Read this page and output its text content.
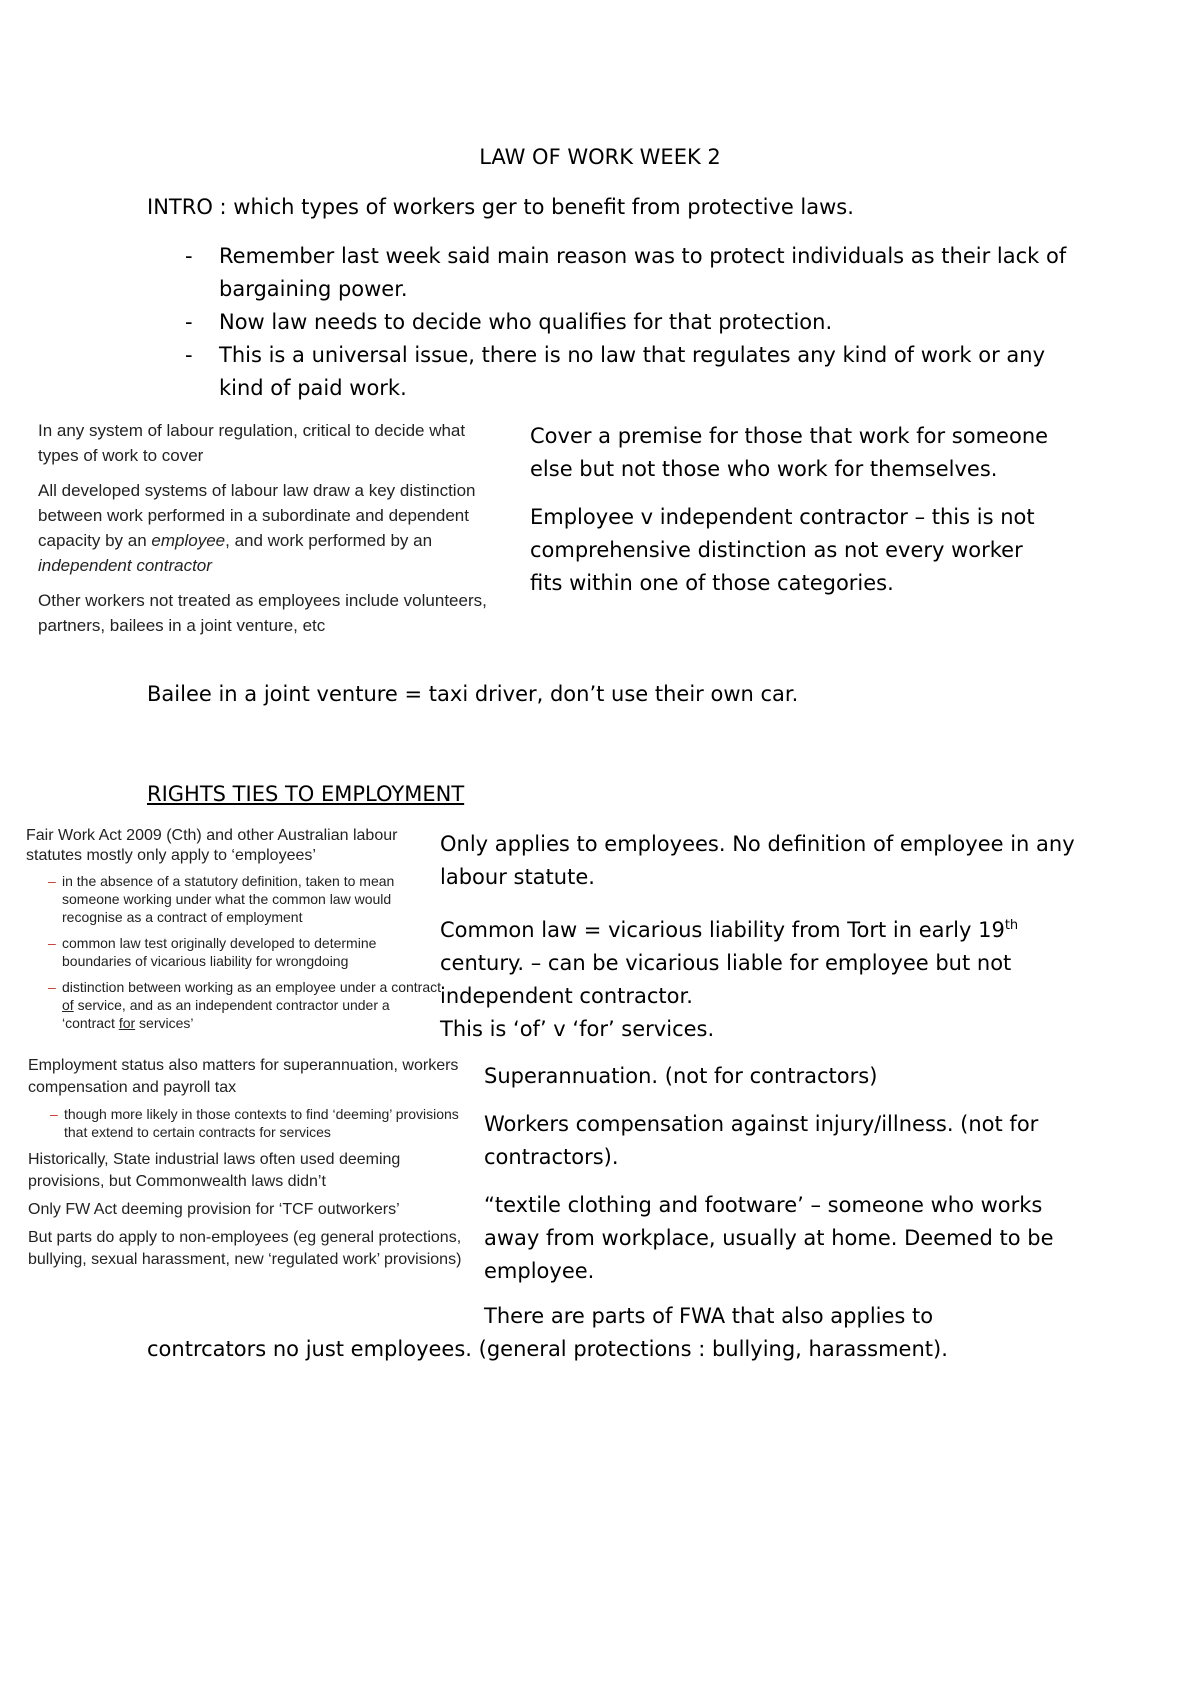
LAW OF WORK WEEK 2
INTRO : which types of workers ger to benefit from protective laws.
- Remember last week said main reason was to protect individuals as their lack of bargaining power.
- Now law needs to decide who qualifies for that protection.
- This is a universal issue, there is no law that regulates any kind of work or any kind of paid work.

In any system of labour regulation, critical to decide what types of work to cover

All developed systems of labour law draw a key distinction between work performed in a subordinate and dependent capacity by an employee, and work performed by an independent contractor

Other workers not treated as employees include volunteers, partners, bailees in a joint venture, etc

Cover a premise for those that work for someone else but not those who work for themselves.

Employee v independent contractor – this is not comprehensive distinction as not every worker fits within one of those categories.

Bailee in a joint venture = taxi driver, don’t use their own car.
RIGHTS TIES TO EMPLOYMENT

Fair Work Act 2009 (Cth) and other Australian labour statutes mostly only apply to ‘employees’

– in the absence of a statutory definition, taken to mean someone working under what the common law would recognise as a contract of employment

– common law test originally developed to determine boundaries of vicarious liability for wrongdoing

– distinction between working as an employee under a contract of service, and as an independent contractor under a ‘contract for services’

Only applies to employees. No definition of employee in any labour statute.

Common law = vicarious liability from Tort in early 19th century. – can be vicarious liable for employee but not independent contractor.

This is ‘of’ v ‘for’ services.

Employment status also matters for superannuation, workers compensation and payroll tax

– though more likely in those contexts to find ‘deeming’ provisions that extend to certain contracts for services

Historically, State industrial laws often used deeming provisions, but Commonwealth laws didn’t

Only FW Act deeming provision for ‘TCF outworkers’

But parts do apply to non-employees (eg general protections, bullying, sexual harassment, new ‘regulated work’ provisions)

Superannuation. (not for contractors)

Workers compensation against injury/illness. (not for contractors).

“textile clothing and footware’ – someone who works away from workplace, usually at home. Deemed to be employee.

There are parts of FWA that also applies to contrcators no just employees. (general protections : bullying, harassment).
